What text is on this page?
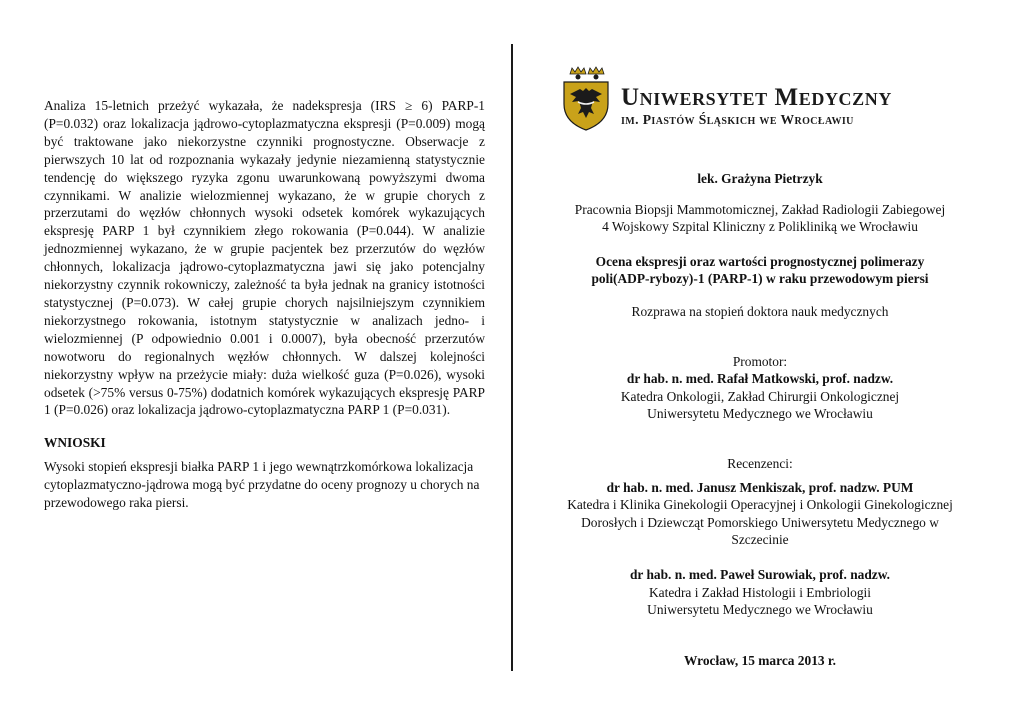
Analiza 15-letnich przeżyć wykazała, że nadekspresja (IRS ≥ 6) PARP-1 (P=0.032) oraz lokalizacja jądrowo-cytoplazmatyczna ekspresji (P=0.009) mogą być traktowane jako niekorzystne czynniki prognostyczne. Obserwacje z pierwszych 10 lat od rozpoznania wykazały jedynie niezamienną statystycznie tendencję do większego ryzyka zgonu uwarunkowaną powyższymi dwoma czynnikami. W analizie wielozmiennej wykazano, że w grupie chorych z przerzutami do węzłów chłonnych wysoki odsetek komórek wykazujących ekspresję PARP 1 był czynnikiem złego rokowania (P=0.044). W analizie jednozmiennej wykazano, że w grupie pacjentek bez przerzutów do węzłów chłonnych, lokalizacja jądrowo-cytoplazmatyczna jawi się jako potencjalny niekorzystny czynnik rokowniczy, zależność ta była jednak na granicy istotności statystycznej (P=0.073). W całej grupie chorych najsilniejszym czynnikiem niekorzystnego rokowania, istotnym statystycznie w analizach jedno- i wielozmiennej (P odpowiednio 0.001 i 0.0007), była obecność przerzutów nowotworu do regionalnych węzłów chłonnych. W dalszej kolejności niekorzystny wpływ na przeżycie miały: duża wielkość guza (P=0.026), wysoki odsetek (>75% versus 0-75%) dodatnich komórek wykazujących ekspresję PARP 1 (P=0.026) oraz lokalizacja jądrowo-cytoplazmatyczna PARP 1 (P=0.031).

WNIOSKI

Wysoki stopień ekspresji białka PARP 1 i jego wewnątrzkomórkowa lokalizacja cytoplazmatyczno-jądrowa mogą być przydatne do oceny prognozy u chorych na przewodowego raka piersi.

Uniwersytet Medyczny
im. Piastów Śląskich we Wrocławiu
lek. Grażyna Pietrzyk
Pracownia Biopsji Mammotomicznej, Zakład Radiologii Zabiegowej
4 Wojskowy Szpital Kliniczny z Polikliniką we Wrocławiu
Ocena ekspresji oraz wartości prognostycznej polimerazy
poli(ADP-rybozy)-1 (PARP-1) w raku przewodowym piersi
Rozprawa na stopień doktora nauk medycznych
Promotor:
dr hab. n. med. Rafał Matkowski, prof. nadzw.
Katedra Onkologii, Zakład Chirurgii Onkologicznej
Uniwersytetu Medycznego we Wrocławiu
Recenzenci:
dr hab. n. med. Janusz Menkiszak, prof. nadzw. PUM
Katedra i Klinika Ginekologii Operacyjnej i Onkologii Ginekologicznej
Dorosłych i Dziewcząt Pomorskiego Uniwersytetu Medycznego w
Szczecinie
dr hab. n. med. Paweł Surowiak, prof. nadzw.
Katedra i Zakład Histologii i Embriologii
Uniwersytetu Medycznego we Wrocławiu
Wrocław, 15 marca 2013 r.
